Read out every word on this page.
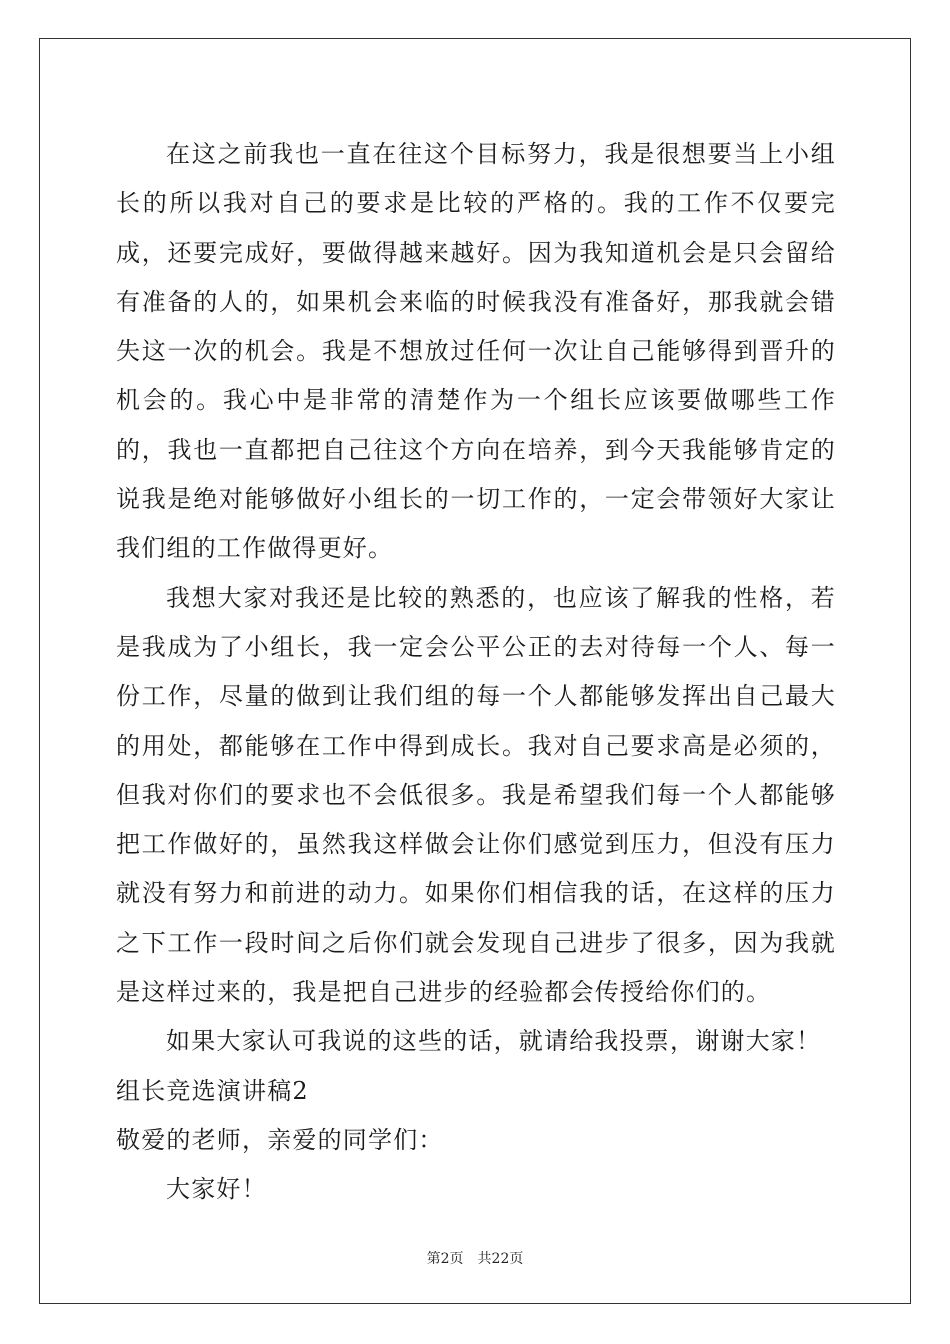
在这之前我也一直在往这个目标努力，我是很想要当上小组长的所以我对自己的要求是比较的严格的。我的工作不仅要完成，还要完成好，要做得越来越好。因为我知道机会是只会留给有准备的人的，如果机会来临的时候我没有准备好，那我就会错失这一次的机会。我是不想放过任何一次让自己能够得到晋升的机会的。我心中是非常的清楚作为一个组长应该要做哪些工作的，我也一直都把自己往这个方向在培养，到今天我能够肯定的说我是绝对能够做好小组长的一切工作的，一定会带领好大家让我们组的工作做得更好。

我想大家对我还是比较的熟悉的，也应该了解我的性格，若是我成为了小组长，我一定会公平公正的去对待每一个人、每一份工作，尽量的做到让我们组的每一个人都能够发挥出自己最大的用处，都能够在工作中得到成长。我对自己要求高是必须的，但我对你们的要求也不会低很多。我是希望我们每一个人都能够把工作做好的，虽然我这样做会让你们感觉到压力，但没有压力就没有努力和前进的动力。如果你们相信我的话，在这样的压力之下工作一段时间之后你们就会发现自己进步了很多，因为我就是这样过来的，我是把自己进步的经验都会传授给你们的。

如果大家认可我说的这些的话，就请给我投票，谢谢大家！

组长竞选演讲稿2

敬爱的老师，亲爱的同学们：

大家好！

第2页 共22页
